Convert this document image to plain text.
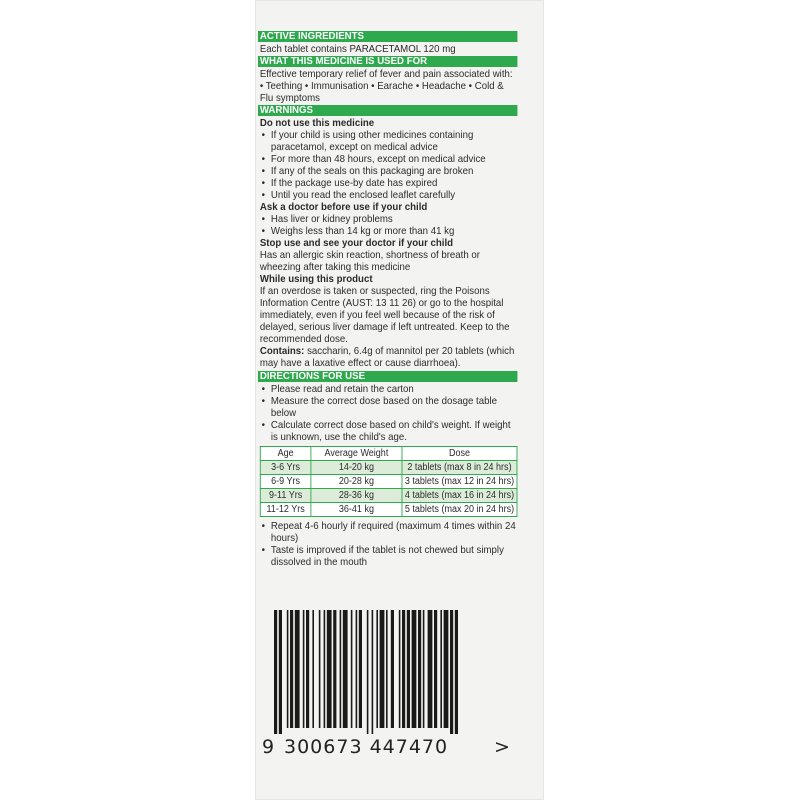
ACTIVE INGREDIENTS
Each tablet contains PARACETAMOL 120 mg
WHAT THIS MEDICINE IS USED FOR
Effective temporary relief of fever and pain associated with:
• Teething • Immunisation • Earache • Headache • Cold & Flu symptoms
WARNINGS
Do not use this medicine
• If your child is using other medicines containing paracetamol, except on medical advice
• For more than 48 hours, except on medical advice
• If any of the seals on this packaging are broken
• If the package use-by date has expired
• Until you read the enclosed leaflet carefully
Ask a doctor before use if your child
• Has liver or kidney problems
• Weighs less than 14 kg or more than 41 kg
Stop use and see your doctor if your child
Has an allergic skin reaction, shortness of breath or wheezing after taking this medicine
While using this product
If an overdose is taken or suspected, ring the Poisons Information Centre (AUST: 13 11 26) or go to the hospital immediately, even if you feel well because of the risk of delayed, serious liver damage if left untreated. Keep to the recommended dose.
Contains: saccharin, 6.4g of mannitol per 20 tablets (which may have a laxative effect or cause diarrhoea).
DIRECTIONS FOR USE
• Please read and retain the carton
• Measure the correct dose based on the dosage table below
• Calculate correct dose based on child's weight. If weight is unknown, use the child's age.
Age	Average Weight	Dose
3-6 Yrs	14-20 kg	2 tablets (max 8 in 24 hrs)
6-9 Yrs	20-28 kg	3 tablets (max 12 in 24 hrs)
9-11 Yrs	28-36 kg	4 tablets (max 16 in 24 hrs)
11-12 Yrs	36-41 kg	5 tablets (max 20 in 24 hrs)
• Repeat 4-6 hourly if required (maximum 4 times within 24 hours)
• Taste is improved if the tablet is not chewed but simply dissolved in the mouth
9 300673 447470 >
